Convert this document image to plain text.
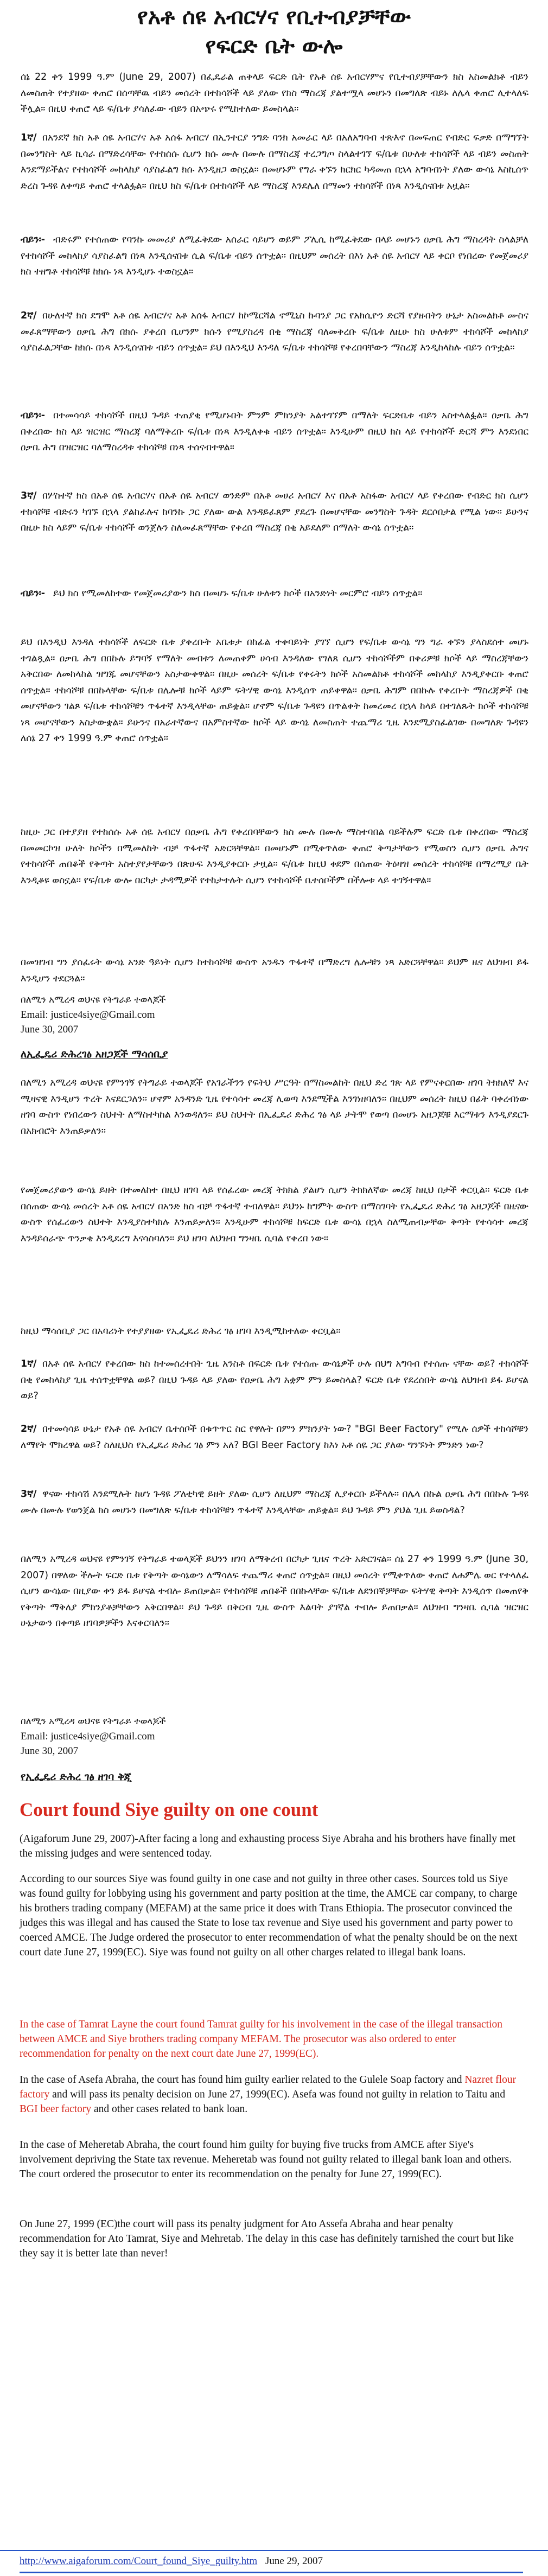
የአቶ ሰዩ አብርሃና የቢተብያቻቸው
የፍርድ ቤት ውሎ

ሰኔ 22 ቀን 1999 ዓ.ም (June 29, 2007) በፌዴራል ጠቅላይ ፍርድ ቤት የአቶ ሰዬ አብርሃምና የቢተብያቻቸውን ክስ አስመልክቶ ብይን ለመስጠት የተያዘው ቀጠሮ በሰጣቸዉ ብይን መሰረት በተከሳሾች ላይ ያለው የክስ ማስረጃ ያልተሟላ መሆኑን በመግለጽ ብይኑ ለሌላ ቀጠሮ ሊተላለፍ ችሏል፡፡ በዚህ ቀጠሮ ላይ ፍ/ቤቱ ያሳለፈው ብይን በአጭሩ የሚከተለው ይመስላል፡፡

1ኛ/ በአንደኛ ክስ አቶ ሰዬ አብርሃና አቶ አሰፋ አብርሃ በኢንተርያ ንግድ ባንክ አመራር ላይ በአለአግባብ ተጽእኖ በመፍጠር የብድር ፍቃድ በማግኘት በመንግስት ላይ ኪሳራ በማድረሳቸው የተከሰሱ ሲሆን ክሱ ሙሉ በሙሉ በማስረጃ ተረጋግጦ ስላልተገኘ ፍ/ቤቱ በሁለቱ ተከሳሾች ላይ ብይን መስጠት እንደማይችልና የተከሳሾች መከላከያ ሳያስፈልግ ክሱ እንዲዘጋ ወስኗል፡፡ በመሆኑም የግራ ቀኙን ክርክር ካዳመጠ በኋላ አግባብነት ያለው ውሳኔ እስኪሰጥ ድረስ ጉዳዩ ለቀጣይ ቀጠሮ ተላልፏል፡፡ በዚህ ክስ ፍ/ቤቱ በተከሳሾች ላይ ማስረጃ እንደሌለ በማመን ተከሳሾች በነጻ እንዲሰናበቱ አዟል፡፡

ብይን፡- ብድሩም የተሰጠው የባንኩ መመሪያ ለሚፈቅደው አሰራር ሳይሆን ወይም ፖሊሲ ከሚፈቅደው በላይ መሆኑን ዐቃቤ ሕግ ማስረዳት ስላልቻለ የተከሳሾች መከላከያ ሳያስፈልግ በነጻ እንዲሰናበቱ ሲል ፍ/ቤቱ ብይን ሰጥቷል፡፡ በዚህም መሰረት በእነ አቶ ሰዬ አብርሃ ላይ ቀርቦ የነበረው የመጀመሪያ ክስ ተዘግቶ ተከሳሾቹ ከክሱ ነጻ እንዲሆኑ ተወስኗል፡፡

2ኛ/ በሁለተኛ ክስ ደግሞ አቶ ሰዬ አብርሃና አቶ አሰፋ አብርሃ ከኮሜርሻል ኖሚኒስ ኩባንያ ጋር የአክሲዮን ድርሻ የያዙበትን ሁኔታ አስመልክቶ ሙስና መፈጸማቸውን ዐቃቤ ሕግ በክሱ ያቀረበ ቢሆንም ክሱን የሚያስረዳ በቂ ማስረጃ ባለመቅረቡ ፍ/ቤቱ ለዚሁ ክስ ሁለቱም ተከሳሾች መከላከያ ሳያስፈልጋቸው ከክሱ በነጻ እንዲሰናበቱ ብይን ሰጥቷል፡፡ ይህ በእንዲህ እንዳለ ፍ/ቤቱ ተከሳሾቹ የቀረበባቸውን ማስረጃ እንዲከላከሉ ብይን ሰጥቷል፡፡

ብይን፡- በተመሳሳይ ተከሳሾች በዚህ ጉዳይ ተጠያቂ የሚሆኑበት ምንም ምክንያት አልተገኘም በማለት ፍርድቤቱ ብይን አስተላልፏል፡፡ ዐቃቤ ሕግ በቀረበው ክስ ላይ ዝርዝር ማስረጃ ባለማቅረቡ ፍ/ቤቱ በነጻ እንዲለቀቁ ብይን ሰጥቷል፡፡ እንዲሁም በዚህ ክስ ላይ የተከሳሾች ድርሻ ምን እንደነበር ዐቃቤ ሕግ በዝርዝር ባለማስረዳቱ ተከሳሾቹ በነጻ ተሰናብተዋል፡፡

3ኛ/ በሦስተኛ ክስ በአቶ ሰዬ አብርሃና በአቶ ሰዬ አብርሃ ወንድም በአቶ መሀሪ አብርሃ እና በአቶ አስፋው አብርሃ ላይ የቀረበው የብድር ክስ ሲሆን ተከሳሾቹ ብድሩን ካገኙ በኋላ ያልከፈሉና ከባንኩ ጋር ያለው ውል እንዳይፈጸም ያደረጉ በመሆናቸው መንግስት ጉዳት ደርሶበታል የሚል ነው፡፡ ይሁንና በዚሁ ክስ ላይም ፍ/ቤቱ ተከሳሾች ወንጀሉን ስለመፈጸማቸው የቀረበ ማስረጃ በቂ አይደለም በማለት ውሳኔ ሰጥቷል፡፡

ብይን፡- ይህ ክስ የሚመለከተው የመጀመሪያውን ክስ በመሆኑ ፍ/ቤቱ ሁለቱን ክሶች በአንድነት መርምሮ ብይን ሰጥቷል፡፡

ይህ በእንዲህ እንዳለ ተከሳሾች ለፍርድ ቤቱ ያቀረቡት አቤቱታ በከፊል ተቀባይነት ያገኘ ሲሆን የፍ/ቤቱ ውሳኔ ግን ግራ ቀኙን ያላስደሰተ መሆኑ ተገልጿል፡፡ ዐቃቤ ሕግ በበኩሉ ይግባኝ የማለት መብቱን ለመጠቀም ሀሳብ እንዳለው የገለጸ ሲሆን ተከሳሾችም በቀሪዎቹ ክሶች ላይ ማስረጃቸውን አቅርበው ለመከላከል ዝግጁ መሆናቸውን አስታውቀዋል፡፡ በዚሁ መሰረት ፍ/ቤቱ የቀሩትን ክሶች አስመልክቶ ተከሳሾች መከላከያ እንዲያቀርቡ ቀጠሮ ሰጥቷል፡፡ ተከሳሾቹ በበኩላቸው ፍ/ቤቱ በሌሎቹ ክሶች ላይም ፍትሃዊ ውሳኔ እንዲሰጥ ጠይቀዋል፡፡ ዐቃቤ ሕግም በበኩሉ የቀረቡት ማስረጃዎች በቂ መሆናቸውን ገልጾ ፍ/ቤቱ ተከሳሾቹን ጥፋተኛ እንዲላቸው ጠይቋል፡፡ ሆኖም ፍ/ቤቱ ጉዳዩን በጥልቀት ከመረመረ በኋላ ከላይ በተገለጹት ክሶች ተከሳሾቹ ነጻ መሆናቸውን አስታውቋል፡፡ ይሁንና በአራተኛውና በአምስተኛው ክሶች ላይ ውሳኔ ለመስጠት ተጨማሪ ጊዜ እንደሚያስፈልገው በመግለጽ ጉዳዩን ለሰኔ 27 ቀን 1999 ዓ.ም ቀጠሮ ሰጥቷል፡፡

ከዚሁ ጋር በተያያዘ የተከሰሱ አቶ ሰዬ አብርሃ በዐቃቤ ሕግ የቀረበባቸውን ክስ ሙሉ በሙሉ ማስተባበል ባይችሉም ፍርድ ቤቱ በቀረበው ማስረጃ በመመርኮዝ ሁለት ክሶችን በሚመለከት ብቻ ጥፋተኛ አድርጓቸዋል፡፡ በመሆኑም በሚቀጥለው ቀጠሮ ቅጣታቸውን የሚወስን ሲሆን ዐቃቤ ሕግና የተከሳሾች ጠበቆች የቅጣት አስተያየታቸውን በጽሁፍ እንዲያቀርቡ ታዟል፡፡ ፍ/ቤቱ ከዚህ ቀደም በሰጠው ትዕዛዝ መሰረት ተከሳሾቹ በማረሚያ ቤት እንዲቆዩ ወስኗል፡፡ የፍ/ቤቱ ውሎ በርካታ ታዳሚዎች የተከታተሉት ሲሆን የተከሳሾች ቤተሰቦችም በችሎቱ ላይ ተገኝተዋል፡፡

በመዝገብ ግን ያሰፈሩት ውሳኔ አንድ ዓይነት ሲሆን ከተከሳሾቹ ውስጥ አንዱን ጥፋተኛ በማድረግ ሌሎቹን ነጻ አድርጓቸዋል፡፡ ይህም ዜና ለህዝብ ይፋ እንዲሆን ተደርጓል፡፡

በለሚን አሚረዳ ወህናዩ የትግራይ ተወላጆች
Email: justice4siye@Gmail.com
June 30, 2007
ለኢፌዴሪ ድሕረገፅ አዘጋጆች ማሳሰቢያ

በለሚን አሚረዳ ወህናዩ የምንገኝ የትግራይ ተወላጆች የአገራችንን የፍትህ ሥርዓት በማስመልከት በዚህ ድረ ገጽ ላይ የምናቀርበው ዘገባ ትክክለኛ እና ሚዛናዊ እንዲሆን ጥረት እናደርጋለን፡፡ ሆኖም አንዳንድ ጊዜ የተሳሳተ መረጃ ሊወጣ እንደሚችል እንገነዘባለን፡፡ በዚህም መሰረት ከዚህ በፊት ባቀረብነው ዘገባ ውስጥ የነበረውን ስህተት ለማስተካከል እንወዳለን፡፡ ይህ ስህተት በኢፌዴሪ ድሕረ ገፅ ላይ ታትሞ የወጣ በመሆኑ አዘጋጆቹ እርማቱን እንዲያደርጉ በአክብሮት እንጠይቃለን፡፡

የመጀመሪያውን ውሳኔ ይዘት በተመለከተ በዚህ ዘገባ ላይ የሰፈረው መረጃ ትክክል ያልሆነ ሲሆን ትክክለኛው መረጃ ከዚህ በታች ቀርቧል፡፡ ፍርድ ቤቱ በሰጠው ውሳኔ መሰረት አቶ ሰዬ አብርሃ በአንድ ክስ ብቻ ጥፋተኛ ተብለዋል፡፡ ይህንኑ ከግምት ውስጥ በማስገባት የኢፌዴሪ ድሕረ ገፅ አዘጋጆች በዜናው ውስጥ የሰፈረውን ስህተት እንዲያስተካክሉ እንጠይቃለን፡፡ እንዲሁም ተከሳሾቹ ከፍርድ ቤቱ ውሳኔ በኋላ ስለሚጠብቃቸው ቅጣት የተሳሳተ መረጃ እንዳይሰራጭ ጥንቃቄ እንዲደረግ እናሳስባለን፡፡ ይህ ዘገባ ለህዝብ ግንዛቤ ሲባል የቀረበ ነው፡፡

ከዚህ ማሳሰቢያ ጋር በአባሪነት የተያያዘው የኢፌዴሪ ድሕረ ገፅ ዘገባ እንዲሚከተለው ቀርቧል፡፡

1ኛ/ በአቶ ሰዬ አብርሃ የቀረበው ክስ ከተመሰረተበት ጊዜ አንስቶ በፍርድ ቤቱ የተሰጡ ውሳኔዎች ሁሉ በህግ አግባብ የተሰጡ ናቸው ወይ? ተከሳሾች በቂ የመከላከያ ጊዜ ተሰጥቷቸዋል ወይ? በዚህ ጉዳይ ላይ ያለው የዐቃቤ ሕግ አቋም ምን ይመስላል? ፍርድ ቤቱ የደረሰበት ውሳኔ ለህዝብ ይፋ ይሆናል ወይ?

2ኛ/ በተመሳሳይ ሁኔታ የአቶ ሰዬ አብርሃ ቤተሰቦች በቁጥጥር ስር የዋሉት በምን ምክንያት ነው? "BGI Beer Factory" የሚሉ ሰዎች ተከሳሾቹን ለማየት ሞክረዋል ወይ? ስለዚህስ የኢፌዴሪ ድሕረ ገፅ ምን አለ? BGI Beer Factory ከእነ አቶ ሰዬ ጋር ያለው ግንኙነት ምንድን ነው?

3ኛ/ ዋናው ተከሳሽ እንደሚሉት ከሆነ ጉዳዩ ፖለቲካዊ ይዘት ያለው ሲሆን ለዚህም ማስረጃ ሊያቀርቡ ይችላሉ፡፡ በሌላ በኩል ዐቃቤ ሕግ በበኩሉ ጉዳዩ ሙሉ በሙሉ የወንጀል ክስ መሆኑን በመግለጽ ፍ/ቤቱ ተከሳሾቹን ጥፋተኛ እንዲላቸው ጠይቋል፡፡ ይህ ጉዳይ ምን ያህል ጊዜ ይወስዳል?

በለሚን አሚረዳ ወህናዩ የምንገኝ የትግራይ ተወላጆች ይህንን ዘገባ ለማቅረብ በርካታ ጊዜና ጥረት አድርገናል፡፡ ሰኔ 27 ቀን 1999 ዓ.ም (June 30, 2007) በዋለው ችሎት ፍርድ ቤቱ የቅጣት ውሳኔውን ለማሳለፍ ተጨማሪ ቀጠሮ ሰጥቷል፡፡ በዚህ መሰረት የሚቀጥለው ቀጠሮ ለሐምሌ ወር የተላለፈ ሲሆን ውሳኔው በዚያው ቀን ይፋ ይሆናል ተብሎ ይጠበቃል፡፡ የተከሳሾቹ ጠበቆች በበኩላቸው ፍ/ቤቱ ለደንበኞቻቸው ፍትሃዊ ቅጣት እንዲሰጥ በመጠየቅ የቅጣት ማቅለያ ምክንያቶቻቸውን አቅርበዋል፡፡ ይህ ጉዳይ በቅርብ ጊዜ ውስጥ እልባት ያገኛል ተብሎ ይጠበቃል፡፡ ለህዝብ ግንዛቤ ሲባል ዝርዝር ሁኔታውን በቀጣይ ዘገባዎቻችን እናቀርባለን፡፡

በለሚን አሚረዳ ወህናዩ የትግራይ ተወላጆች
Email: justice4siye@Gmail.com
June 30, 2007
የኢፌዴሪ ድሕረ ገፅ ዘገባ ቅጂ
Court found Siye guilty on one count

(Aigaforum June 29, 2007)-After facing a long and exhausting process Siye Abraha and his brothers have finally met the missing judges and were sentenced today.

According to our sources Siye was found guilty in one case and not guilty in three other cases. Sources told us Siye was found guilty for lobbying using his government and party position at the time, the AMCE car company, to charge his brothers trading company (MEFAM) at the same price it does with Trans Ethiopia. The prosecutor convinced the judges this was illegal and has caused the State to lose tax revenue and Siye used his government and party power to coerced AMCE. The Judge ordered the prosecutor to enter recommendation of what the penalty should be on the next court date June 27, 1999(EC). Siye was found not guilty on all other charges related to illegal bank loans.

In the case of Tamrat Layne the court found Tamrat guilty for his involvement in the case of the illegal transaction between AMCE and Siye brothers trading company MEFAM. The prosecutor was also ordered to enter recommendation for penalty on the next court date June 27, 1999(EC).

In the case of Asefa Abraha, the court has found him guilty earlier related to the Gulele Soap factory and Nazret flour factory and will pass its penalty decision on June 27, 1999(EC). Asefa was found not guilty in relation to Taitu and BGI beer factory and other cases related to bank loan.

In the case of Meheretab Abraha, the court found him guilty for buying five trucks from AMCE after Siye's involvement depriving the State tax revenue. Meheretab was found not guilty related to illegal bank loan and others. The court ordered the prosecutor to enter its recommendation on the penalty for June 27, 1999(EC).

On June 27, 1999 (EC)the court will pass its penalty judgment for Ato Assefa Abraha and hear penalty recommendation for Ato Tamrat, Siye and Mehretab. The delay in this case has definitely tarnished the court but like they say it is better late than never!

http://www.aigaforum.com/Court_found_Siye_guilty.htm June 29, 2007
